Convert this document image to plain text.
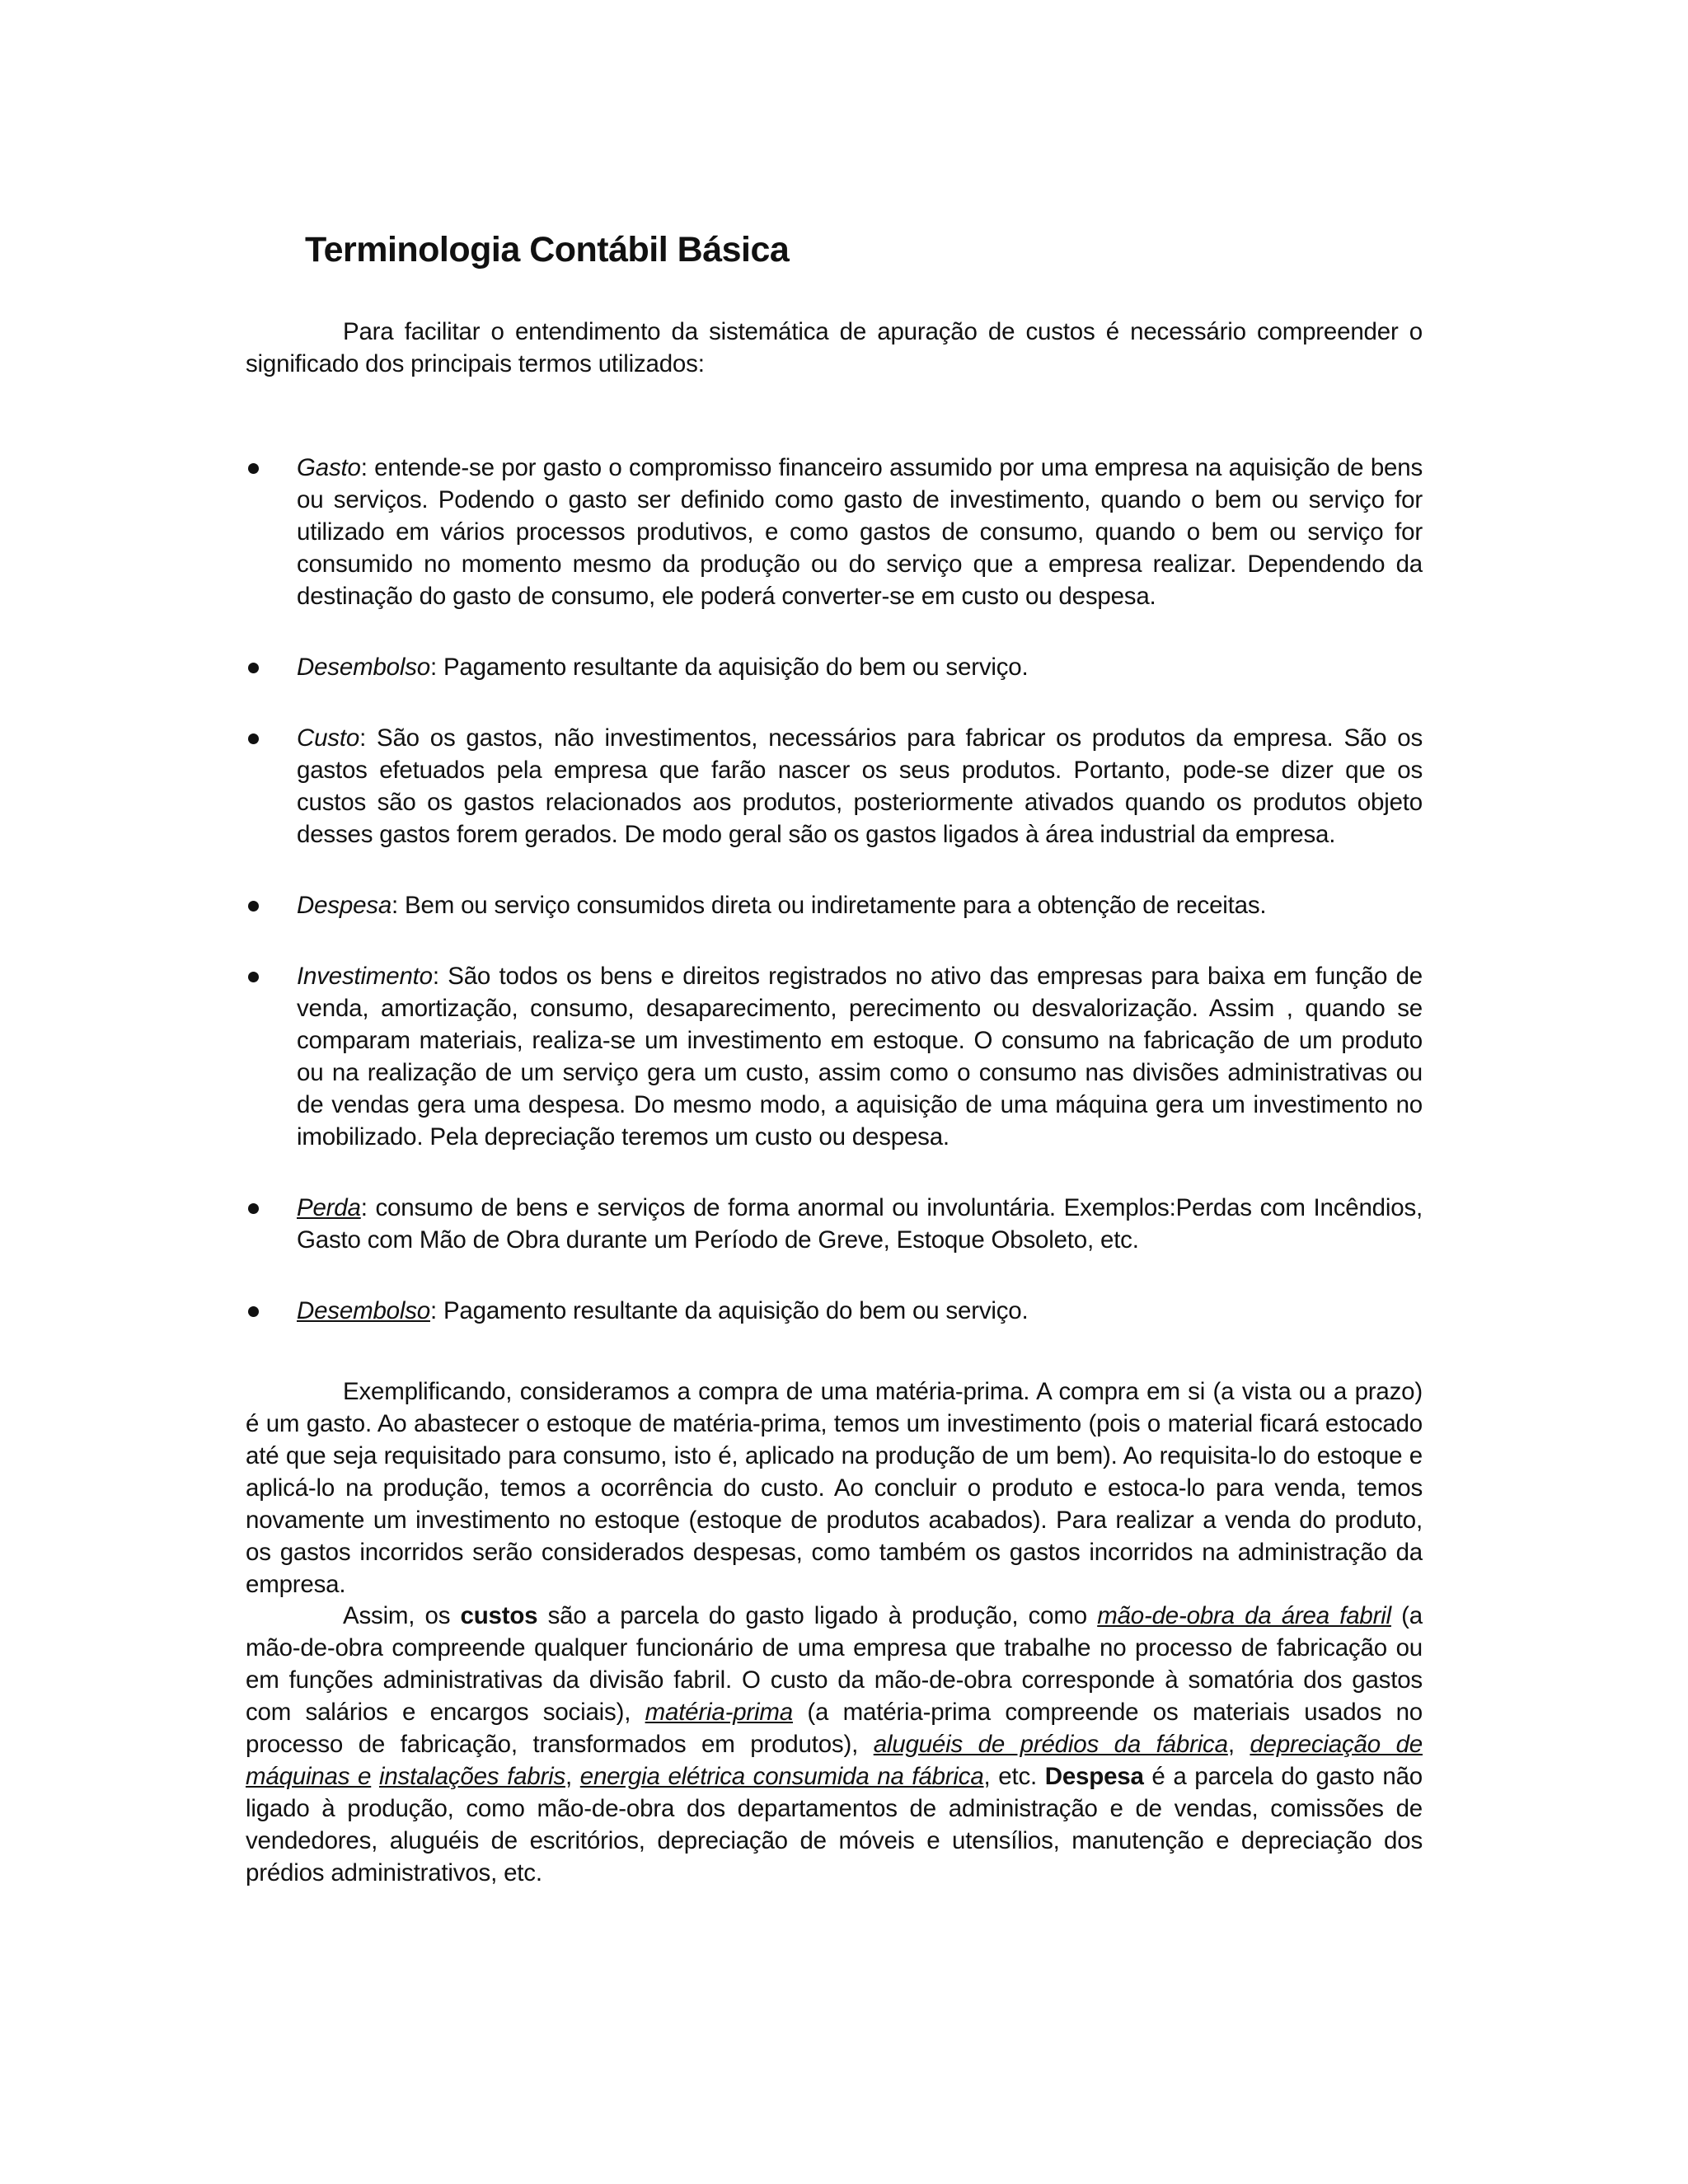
Terminologia Contábil Básica

Para facilitar o entendimento da sistemática de apuração de custos é necessário compreender o significado dos principais termos utilizados:

Gasto: entende-se por gasto o compromisso financeiro assumido por uma empresa na aquisição de bens ou serviços. Podendo o gasto ser definido como gasto de investimento, quando o bem ou serviço for utilizado em vários processos produtivos, e como gastos de consumo, quando o bem ou serviço for consumido no momento mesmo da produção ou do serviço que a empresa realizar. Dependendo da destinação do gasto de consumo, ele poderá converter-se em custo ou despesa.
Desembolso: Pagamento resultante da aquisição do bem ou serviço.
Custo: São os gastos, não investimentos, necessários para fabricar os produtos da empresa. São os gastos efetuados pela empresa que farão nascer os seus produtos. Portanto, pode-se dizer que os custos são os gastos relacionados aos produtos, posteriormente ativados quando os produtos objeto desses gastos forem gerados. De modo geral são os gastos ligados à área industrial da empresa.
Despesa: Bem ou serviço consumidos direta ou indiretamente para a obtenção de receitas.
Investimento: São todos os bens e direitos registrados no ativo das empresas para baixa em função de venda, amortização, consumo, desaparecimento, perecimento ou desvalorização. Assim , quando se comparam materiais, realiza-se um investimento em estoque. O consumo na fabricação de um produto ou na realização de um serviço gera um custo, assim como o consumo nas divisões administrativas ou de vendas gera uma despesa. Do mesmo modo, a aquisição de uma máquina gera um investimento no imobilizado. Pela depreciação teremos um custo ou despesa.
Perda: consumo de bens e serviços de forma anormal ou involuntária. Exemplos:Perdas com Incêndios, Gasto com Mão de Obra durante um Período de Greve, Estoque Obsoleto, etc.
Desembolso: Pagamento resultante da aquisição do bem ou serviço.

Exemplificando, consideramos a compra de uma matéria-prima. A compra em si (a vista ou a prazo) é um gasto. Ao abastecer o estoque de matéria-prima, temos um investimento (pois o material ficará estocado até que seja requisitado para consumo, isto é, aplicado na produção de um bem). Ao requisita-lo do estoque e aplicá-lo na produção, temos a ocorrência do custo. Ao concluir o produto e estoca-lo para venda, temos novamente um investimento no estoque (estoque de produtos acabados). Para realizar a venda do produto, os gastos incorridos serão considerados despesas, como também os gastos incorridos na administração da empresa.

Assim, os custos são a parcela do gasto ligado à produção, como mão-de-obra da área fabril (a mão-de-obra compreende qualquer funcionário de uma empresa que trabalhe no processo de fabricação ou em funções administrativas da divisão fabril. O custo da mão-de-obra corresponde à somatória dos gastos com salários e encargos sociais), matéria-prima (a matéria-prima compreende os materiais usados no processo de fabricação, transformados em produtos), aluguéis de prédios da fábrica, depreciação de máquinas e instalações fabris, energia elétrica consumida na fábrica, etc. Despesa é a parcela do gasto não ligado à produção, como mão-de-obra dos departamentos de administração e de vendas, comissões de vendedores, aluguéis de escritórios, depreciação de móveis e utensílios, manutenção e depreciação dos prédios administrativos, etc.
